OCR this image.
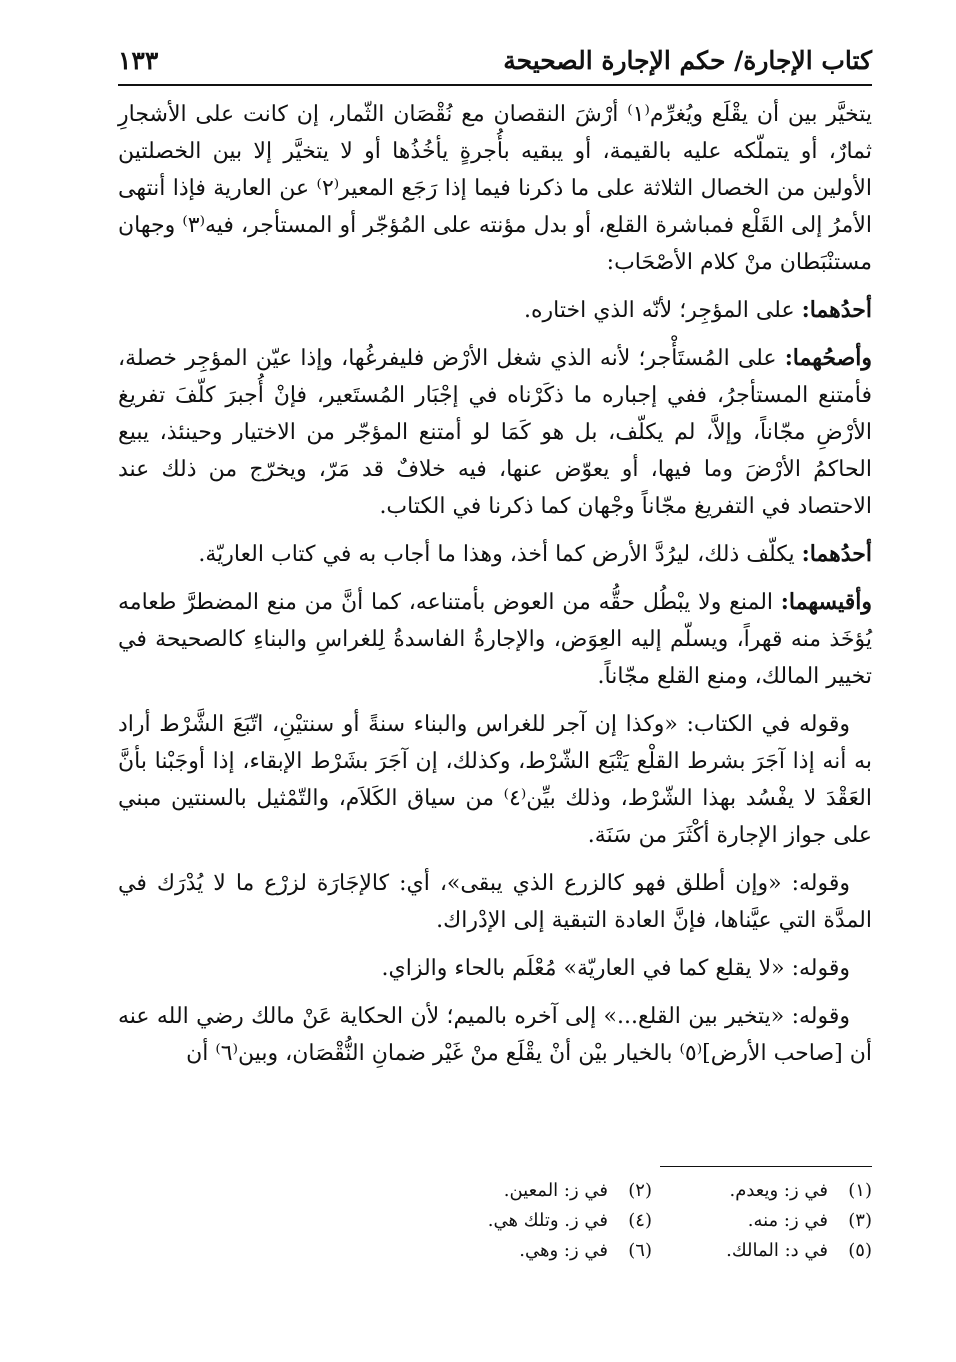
١٣٣	كتاب الإجارة/ حكم الإجارة الصحيحة

يتخيَّر بين أن يقْلَع ويُغرِّم⁽١⁾ أرْشَ النقصان مع نُقْصَان الثّمار، إن كانت على الأشجارِ ثمارٌ، أو يتملّكه عليه بالقيمة، أو يبقيه بأُجرةٍ يأخُذُها أو لا يتخيَّر إلا بين الخصلتين الأولين من الخصال الثلاثة على ما ذكرنا فيما إذا رَجَع المعير⁽٢⁾ عن العارية فإذا أنتهى الأمرُ إلى القَلْع فمباشرة القلع، أو بدل مؤنته على المُؤجّر أو المستأجر، فيه⁽٣⁾ وجهان مستنْبَطان منْ كلام الأصْحَاب:

أحدُهما: على المؤجِر؛ لأنّه الذي اختاره.

وأصحُهما: على المُستَأْجر؛ لأنه الذي شغل الأرْض فليفرغُها، وإذا عيّن المؤجِر خصلة، فأمتنع المستأجرُ، ففي إجباره ما ذكَرْناه في إجْبَار المُستَعير، فإنْ أُجبرَ كلّفَ تفريغ الأرْضِ مجّاناً، وإلاَّ، لم يكلّف، بل هو كَمَا لو أمتنع المؤجّر من الاختيار وحينئذ، يبيع الحاكمُ الأرْضَ وما فيها، أو يعوّض عنها، فيه خلافٌ قد مَرّ، ويخرّج من ذلك عند الاحتصاد في التفريغ مجّاناً وجْهان كما ذكرنا في الكتاب.

أحدُهما: يكلّف ذلك، ليرُدَّ الأرض كما أخذ، وهذا ما أجاب به في كتاب العاريّة.

وأقيسهما: المنع ولا يبْطُل حقُّه من العوض بأمتناعه، كما أنَّ من منع المضطرَّ طعامه يُؤخَذ منه قهراً، ويسلّم إليه العِوَض، والإجارةُ الفاسدةُ لِلغراسِ والبناءِ كالصحيحة في تخيير المالك، ومنع القلع مجّاناً.

وقوله في الكتاب: «وكذا إن آجر للغراس والبناء سنةً أو سنتيْنِ، اتّبَعَ الشَّرْط أراد به أنه إذا آجَرَ بشرط القلْع يَتْبَع الشّرْط، وكذلك، إن آجَرَ بشَرْط الإبقاء، إذا أوجَبْنا بأنَّ العَقْدَ لا يفْسُد بهذا الشّرْط، وذلك بيِّن⁽٤⁾ من سياق الكَلاَم، والتّمْثيل بالسنتين مبني على جواز الإجارة أكْثَرَ من سَنَة.

وقوله: «وإن أطلق فهو كالزرع الذي يبقى»، أي: كالإجَارَة لزرْع ما لا يُدْرَك في المدَّة التي عيَّناها، فإنَّ العادة التبقية إلى الإدْراك.

وقوله: «لا يقلع كما في العاريّة» مُعْلَم بالحاء والزاي.

وقوله: «يتخير بين القلع...» إلى آخره بالميم؛ لأن الحكاية عَنْ مالك رضي الله عنه أن [صاحب الأرض]⁽٥⁾ بالخيار بيْن أنْ يقْلَع منْ غَيْر ضمانِ النُّقْصَان، وبين⁽٦⁾ أن

(١)في ز: ويعدم.
(٢)في ز: المعين.
(٣)في ز: منه.
(٤)في ز. وتلك هي.
(٥)في د: المالك.
(٦)في ز: وهي.
